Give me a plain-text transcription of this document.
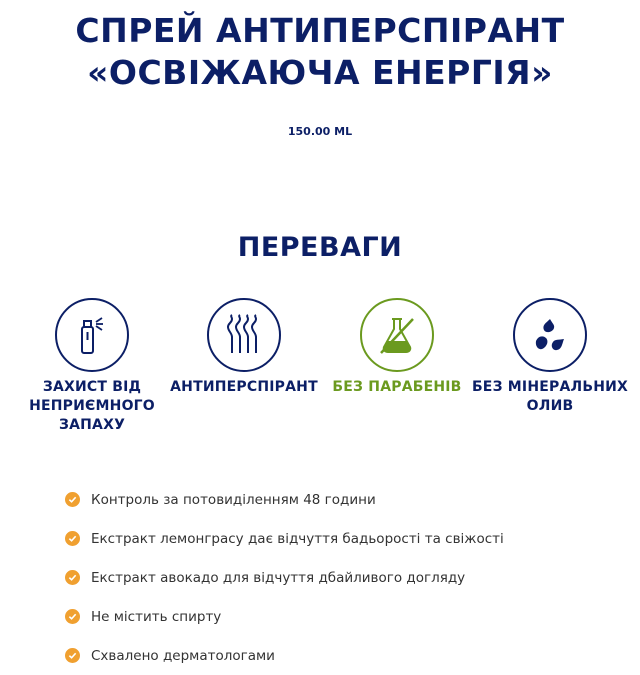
СПРЕЙ АНТИПЕРСПІРАНТ
«ОСВІЖАЮЧА ЕНЕРГІЯ»
150.00 ML
ПЕРЕВАГИ
ЗАХИСТ ВІД НЕПРИЄМНОГО ЗАПАХУ
АНТИПЕРСПІРАНТ	БЕЗ ПАРАБЕНІВ БЕЗ МІНЕРАЛЬНИХ ОЛИВ
Контроль за потовиділенням 48 години
Екстракт лемонграсу дає відчуття бадьорості та свіжості
Екстракт авокадо для відчуття дбайливого догляду
Не містить спирту
Схвалено дерматологами
